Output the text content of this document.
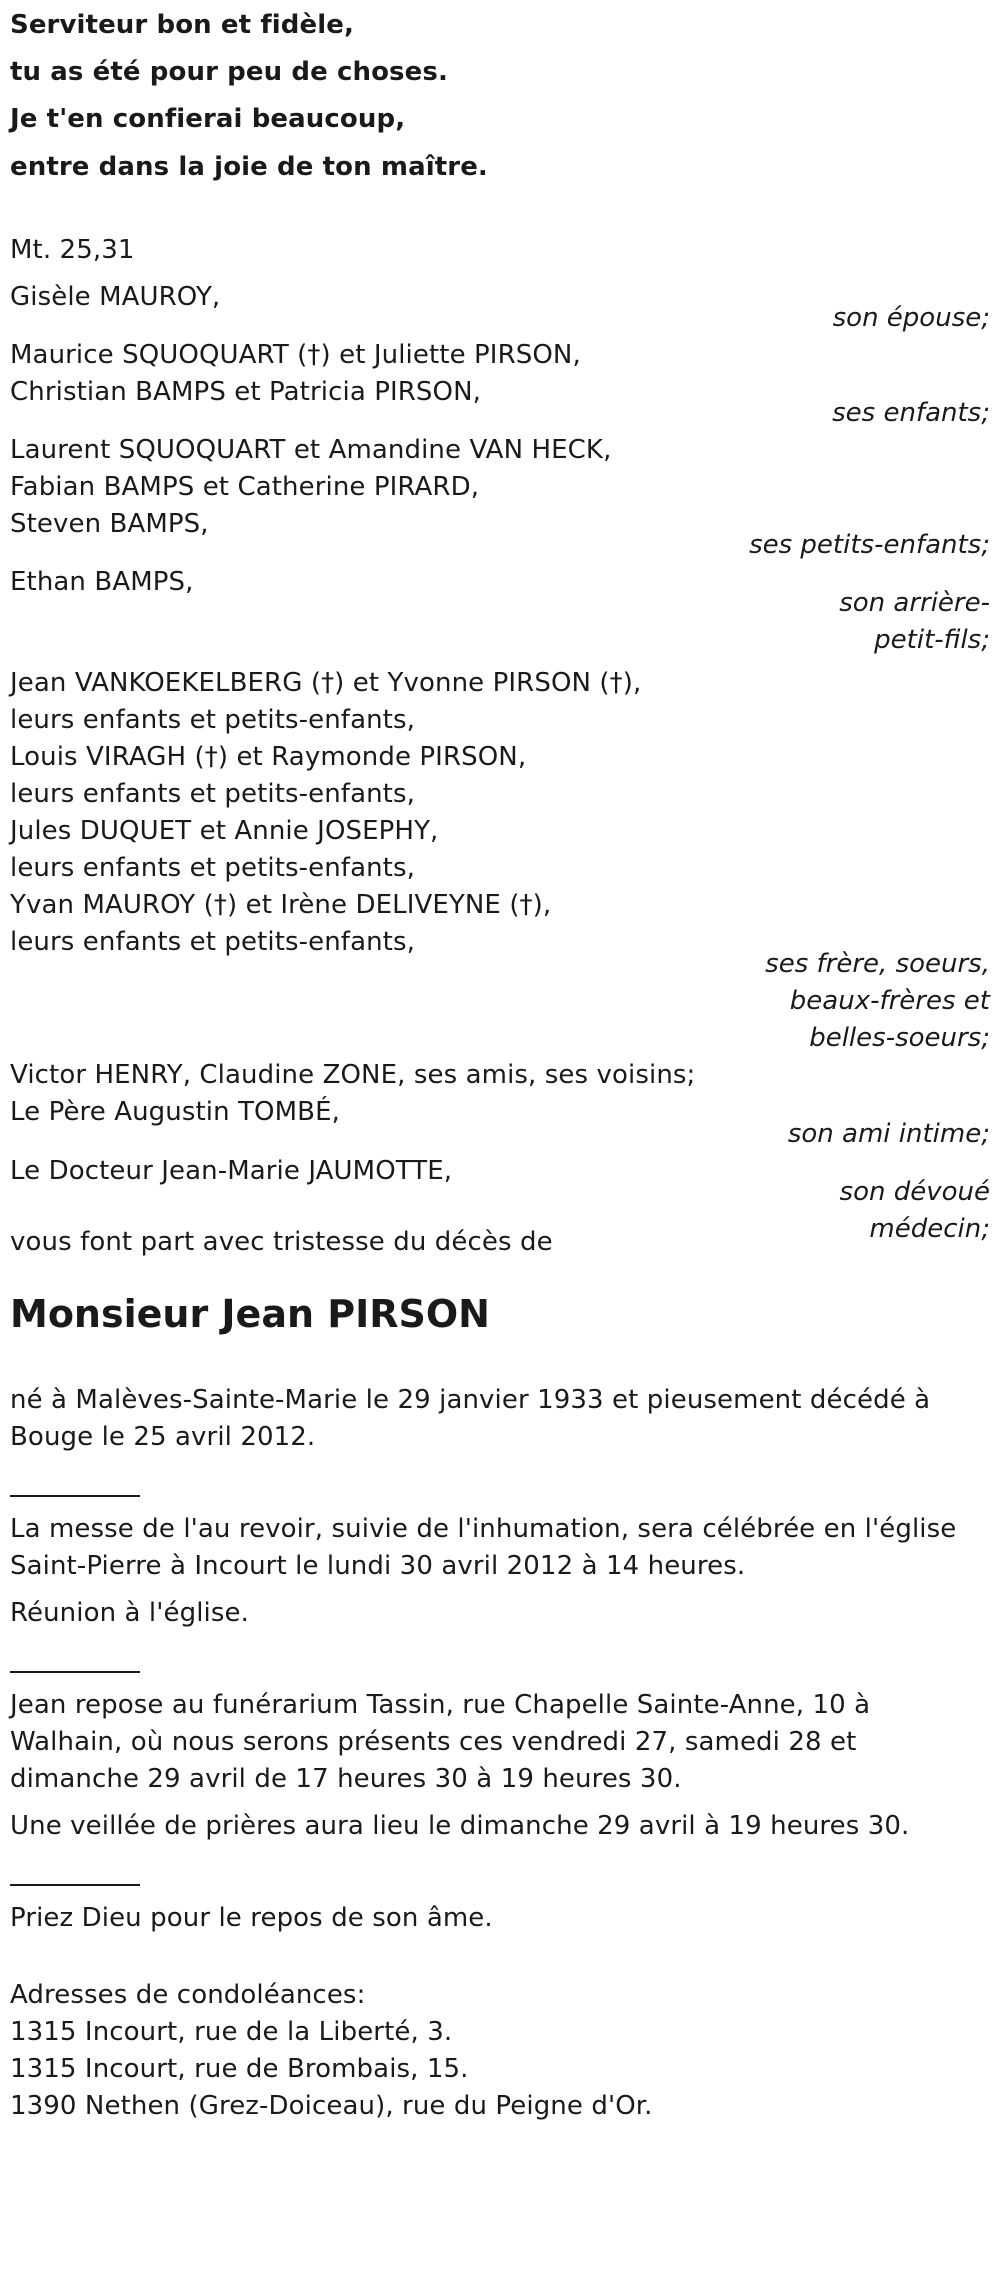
Serviteur bon et fidèle,
tu as été pour peu de choses.
Je t'en confierai beaucoup,
entre dans la joie de ton maître.
Mt. 25,31
Gisèle MAUROY,
son épouse;
Maurice SQUOQUART (†) et Juliette PIRSON,
Christian BAMPS et Patricia PIRSON,
ses enfants;
Laurent SQUOQUART et Amandine VAN HECK,
Fabian BAMPS et Catherine PIRARD,
Steven BAMPS,
ses petits-enfants;
Ethan BAMPS,
son arrière-
petit-fils;
Jean VANKOEKELBERG (†) et Yvonne PIRSON (†),
leurs enfants et petits-enfants,
Louis VIRAGH (†) et Raymonde PIRSON,
leurs enfants et petits-enfants,
Jules DUQUET et Annie JOSEPHY,
leurs enfants et petits-enfants,
Yvan MAUROY (†) et Irène DELIVEYNE (†),
leurs enfants et petits-enfants,
ses frère, soeurs,
beaux-frères et
belles-soeurs;
Victor HENRY, Claudine ZONE, ses amis, ses voisins;
Le Père Augustin TOMBÉ,
son ami intime;
Le Docteur Jean-Marie JAUMOTTE,
son dévoué
médecin;
vous font part avec tristesse du décès de
Monsieur Jean PIRSON
né à Malèves-Sainte-Marie le 29 janvier 1933 et pieusement décédé à
Bouge le 25 avril 2012.
La messe de l'au revoir, suivie de l'inhumation, sera célébrée en l'église
Saint-Pierre à Incourt le lundi 30 avril 2012 à 14 heures.
Réunion à l'église.
Jean repose au funérarium Tassin, rue Chapelle Sainte-Anne, 10 à
Walhain, où nous serons présents ces vendredi 27, samedi 28 et
dimanche 29 avril de 17 heures 30 à 19 heures 30.
Une veillée de prières aura lieu le dimanche 29 avril à 19 heures 30.
Priez Dieu pour le repos de son âme.
Adresses de condoléances:
1315 Incourt, rue de la Liberté, 3.
1315 Incourt, rue de Brombais, 15.
1390 Nethen (Grez-Doiceau), rue du Peigne d'Or.
